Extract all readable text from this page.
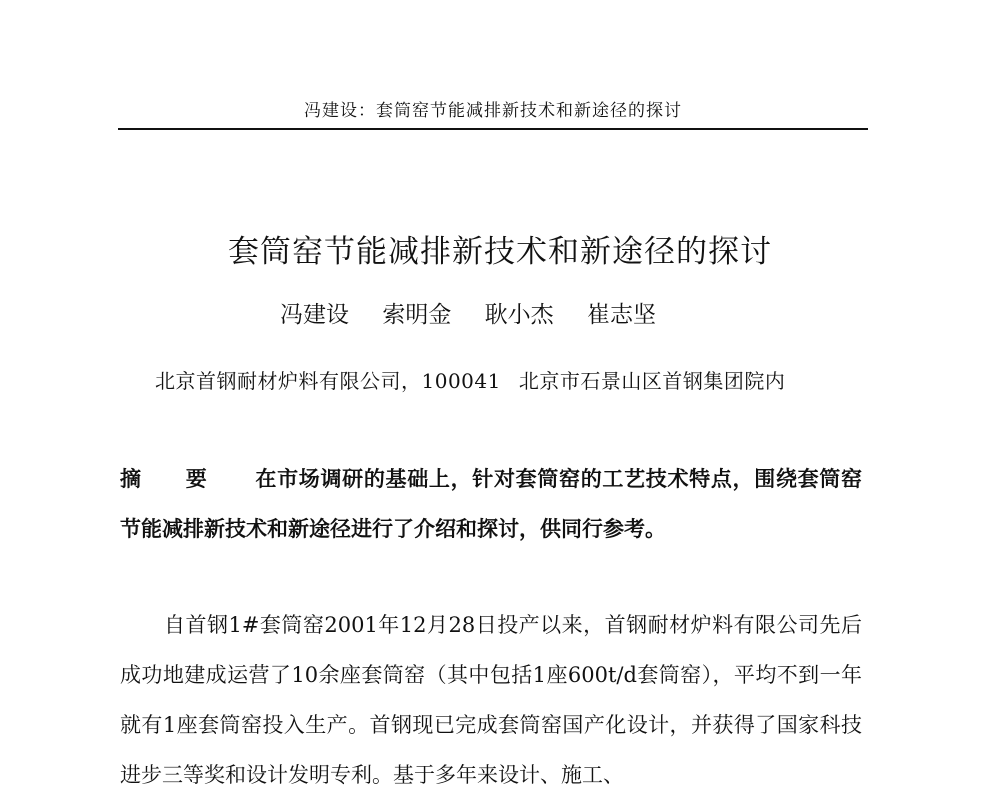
冯建设：套筒窑节能减排新技术和新途径的探讨
套筒窑节能减排新技术和新途径的探讨
冯建设 索明金 耿小杰 崔志坚
北京首钢耐材炉料有限公司，100041 北京市石景山区首钢集团院内
摘 要 在市场调研的基础上，针对套筒窑的工艺技术特点，围绕套筒窑节能减排新技术和新途径进行了介绍和探讨，供同行参考。
自首钢1#套筒窑2001年12月28日投产以来，首钢耐材炉料有限公司先后成功地建成运营了10余座套筒窑（其中包括1座600t/d套筒窑），平均不到一年就有1座套筒窑投入生产。首钢现已完成套筒窑国产化设计，并获得了国家科技进步三等奖和设计发明专利。基于多年来设计、施工、
